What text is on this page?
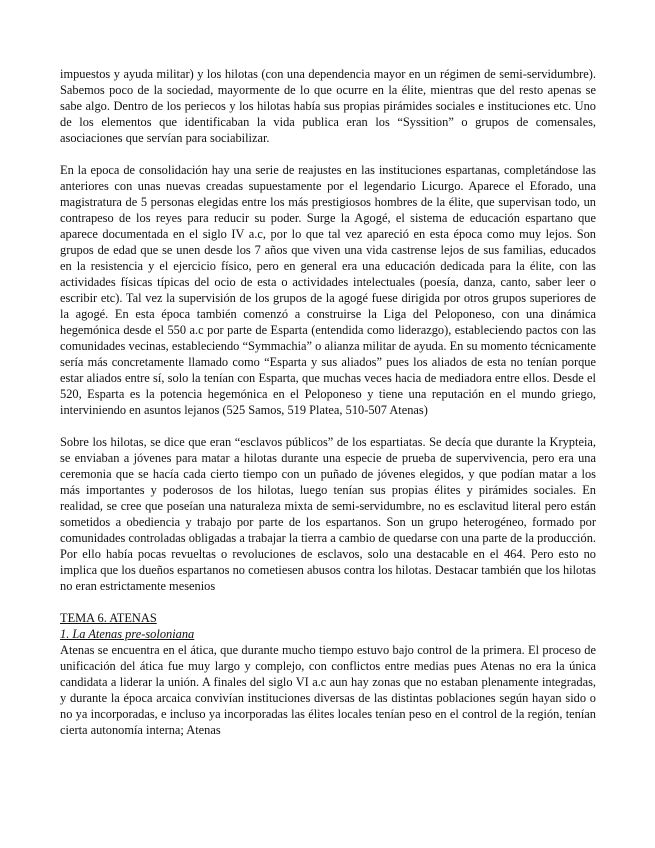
impuestos y ayuda militar) y los hilotas (con una dependencia mayor en un régimen de semi-servidumbre). Sabemos poco de la sociedad, mayormente de lo que ocurre en la élite, mientras que del resto apenas se sabe algo. Dentro de los periecos y los hilotas había sus propias pirámides sociales e instituciones etc. Uno de los elementos que identificaban la vida publica eran los “Syssition” o grupos de comensales, asociaciones que servían para sociabilizar.

En la epoca de consolidación hay una serie de reajustes en las instituciones espartanas, completándose las anteriores con unas nuevas creadas supuestamente por el legendario Licurgo. Aparece el Eforado, una magistratura de 5 personas elegidas entre los más prestigiosos hombres de la élite, que supervisan todo, un contrapeso de los reyes para reducir su poder. Surge la Agogé, el sistema de educación espartano que aparece documentada en el siglo IV a.c, por lo que tal vez apareció en esta época como muy lejos. Son grupos de edad que se unen desde los 7 años que viven una vida castrense lejos de sus familias, educados en la resistencia y el ejercicio físico, pero en general era una educación dedicada para la élite, con las actividades físicas típicas del ocio de esta o actividades intelectuales (poesía, danza, canto, saber leer o escribir etc). Tal vez la supervisión de los grupos de la agogé fuese dirigida por otros grupos superiores de la agogé. En esta época también comenzó a construirse la Liga del Peloponeso, con una dinámica hegemónica desde el 550 a.c por parte de Esparta (entendida como liderazgo), estableciendo pactos con las comunidades vecinas, estableciendo “Symmachia” o alianza militar de ayuda. En su momento técnicamente sería más concretamente llamado como “Esparta y sus aliados” pues los aliados de esta no tenían porque estar aliados entre sí, solo la tenían con Esparta, que muchas veces hacia de mediadora entre ellos. Desde el 520, Esparta es la potencia hegemónica en el Peloponeso y tiene una reputación en el mundo griego, interviniendo en asuntos lejanos (525 Samos, 519 Platea, 510-507 Atenas)

Sobre los hilotas, se dice que eran “esclavos públicos” de los espartiatas. Se decía que durante la Krypteia, se enviaban a jóvenes para matar a hilotas durante una especie de prueba de supervivencia, pero era una ceremonia que se hacía cada cierto tiempo con un puñado de jóvenes elegidos, y que podían matar a los más importantes y poderosos de los hilotas, luego tenían sus propias élites y pirámides sociales. En realidad, se cree que poseían una naturaleza mixta de semi-servidumbre, no es esclavitud literal pero están sometidos a obediencia y trabajo por parte de los espartanos. Son un grupo heterogéneo, formado por comunidades controladas obligadas a trabajar la tierra a cambio de quedarse con una parte de la producción. Por ello había pocas revueltas o revoluciones de esclavos, solo una destacable en el 464. Pero esto no implica que los dueños espartanos no cometiesen abusos contra los hilotas. Destacar también que los hilotas no eran estrictamente mesenios

TEMA 6. ATENAS

1. La Atenas pre-soloniana

Atenas se encuentra en el ática, que durante mucho tiempo estuvo bajo control de la primera. El proceso de unificación del ática fue muy largo y complejo, con conflictos entre medias pues Atenas no era la única candidata a liderar la unión. A finales del siglo VI a.c aun hay zonas que no estaban plenamente integradas, y durante la época arcaica convivían instituciones diversas de las distintas poblaciones según hayan sido o no ya incorporadas, e incluso ya incorporadas las élites locales tenían peso en el control de la región, tenían cierta autonomía interna; Atenas
